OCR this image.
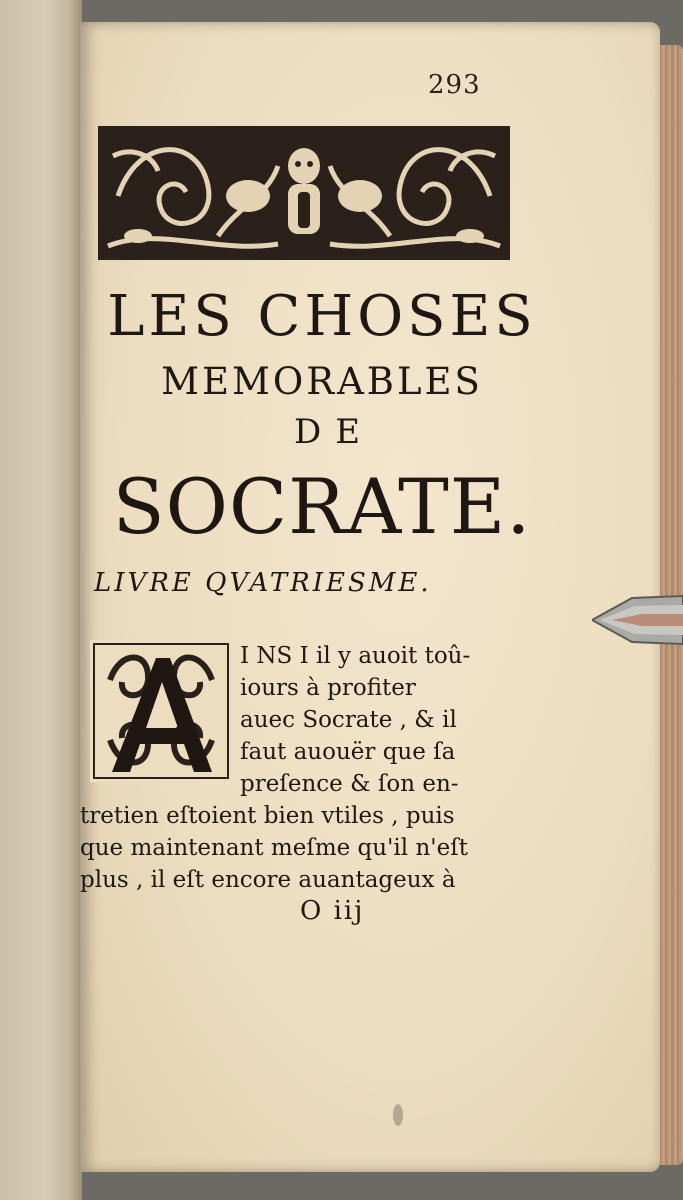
293
LES CHOSES
MEMORABLES
DE
SOCRATE.
LIVRE QVATRIESME.
I NS I il y auoit toû-
iours à profiter
auec Socrate , & il
faut auouër que ſa
preſence & ſon en-
tretien eſtoient bien vtiles , puis
que maintenant meſme qu'il n'eſt
plus , il eſt encore auantageux à
O iij
